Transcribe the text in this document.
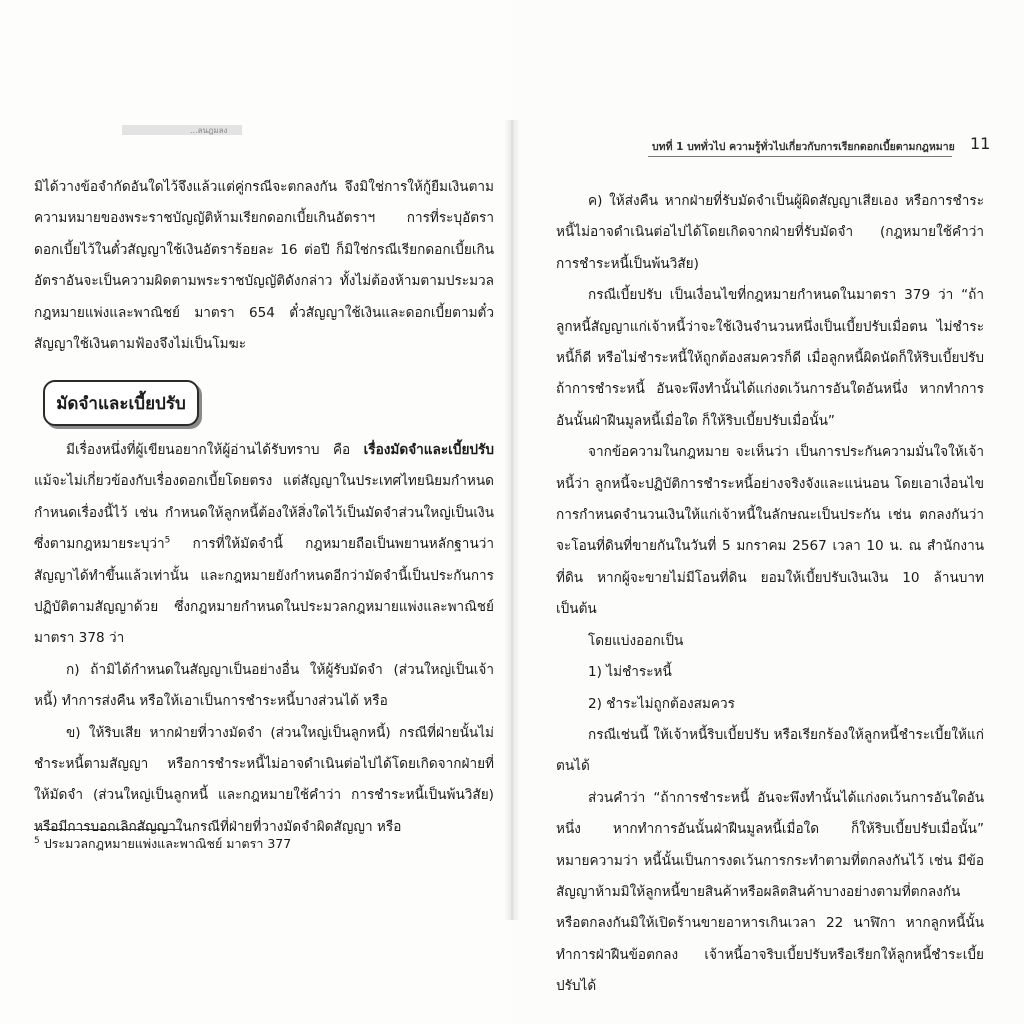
...ลนฎมลง

มิได้วางข้อจำกัดอันใดไว้จึงแล้วแต่คู่กรณีจะตกลงกัน จึงมิใช่การให้กู้ยืมเงินตามความหมายของพระราชบัญญัติห้ามเรียกดอกเบี้ยเกินอัตราฯ การที่ระบุอัตราดอกเบี้ยไว้ในตั๋วสัญญาใช้เงินอัตราร้อยละ 16 ต่อปี ก็มิใช่กรณีเรียกดอกเบี้ยเกินอัตราอันจะเป็นความผิดตามพระราชบัญญัติดังกล่าว ทั้งไม่ต้องห้ามตามประมวลกฎหมายแพ่งและพาณิชย์ มาตรา 654 ตั๋วสัญญาใช้เงินและดอกเบี้ยตามตั๋วสัญญาใช้เงินตามฟ้องจึงไม่เป็นโมฆะ

มัดจำและเบี้ยปรับ

มีเรื่องหนึ่งที่ผู้เขียนอยากให้ผู้อ่านได้รับทราบ คือ เรื่องมัดจำและเบี้ยปรับ แม้จะไม่เกี่ยวข้องกับเรื่องดอกเบี้ยโดยตรง แต่สัญญาในประเทศไทยนิยมกำหนดกำหนดเรื่องนี้ไว้ เช่น กำหนดให้ลูกหนี้ต้องให้สิ่งใดไว้เป็นมัดจำส่วนใหญ่เป็นเงิน ซึ่งตามกฎหมายระบุว่า$^5$ การที่ให้มัดจำนี้ กฎหมายถือเป็นพยานหลักฐานว่าสัญญาได้ทำขึ้นแล้วเท่านั้น และกฎหมายยังกำหนดอีกว่ามัดจำนี้เป็นประกันการปฏิบัติตามสัญญาด้วย ซึ่งกฎหมายกำหนดในประมวลกฎหมายแพ่งและพาณิชย์ มาตรา 378 ว่า

ก) ถ้ามิได้กำหนดในสัญญาเป็นอย่างอื่น ให้ผู้รับมัดจำ (ส่วนใหญ่เป็นเจ้าหนี้) ทำการส่งคืน หรือให้เอาเป็นการชำระหนี้บางส่วนได้ หรือ

ข) ให้ริบเสีย หากฝ่ายที่วางมัดจำ (ส่วนใหญ่เป็นลูกหนี้) กรณีที่ฝ่ายนั้นไม่ชำระหนี้ตามสัญญา หรือการชำระหนี้ไม่อาจดำเนินต่อไปได้โดยเกิดจากฝ่ายที่ให้มัดจำ (ส่วนใหญ่เป็นลูกหนี้ และกฎหมายใช้คำว่า การชำระหนี้เป็นพ้นวิสัย) หรือมีการบอกเลิกสัญญาในกรณีที่ฝ่ายที่วางมัดจำผิดสัญญา หรือ

$^5$ ประมวลกฎหมายแพ่งและพาณิชย์ มาตรา 377
บทที่ 1 บททั่วไป ความรู้ทั่วไปเกี่ยวกับการเรียกดอกเบี้ยตามกฎหมาย 11

ค) ให้ส่งคืน หากฝ่ายที่รับมัดจำเป็นผู้ผิดสัญญาเสียเอง หรือการชำระหนี้ไม่อาจดำเนินต่อไปได้โดยเกิดจากฝ่ายที่รับมัดจำ (กฎหมายใช้คำว่า การชำระหนี้เป็นพ้นวิสัย)

กรณีเบี้ยปรับ เป็นเงื่อนไขที่กฎหมายกำหนดในมาตรา 379 ว่า “ถ้าลูกหนี้สัญญาแก่เจ้าหนี้ว่าจะใช้เงินจำนวนหนึ่งเป็นเบี้ยปรับเมื่อตน ไม่ชำระหนี้ก็ดี หรือไม่ชำระหนี้ให้ถูกต้องสมควรก็ดี เมื่อลูกหนี้ผิดนัดก็ให้ริบเบี้ยปรับ ถ้าการชำระหนี้ อันจะพึงทำนั้นได้แก่งดเว้นการอันใดอันหนึ่ง หากทำการอันนั้นฝ่าฝืนมูลหนี้เมื่อใด ก็ให้ริบเบี้ยปรับเมื่อนั้น”

จากข้อความในกฎหมาย จะเห็นว่า เป็นการประกันความมั่นใจให้เจ้าหนี้ว่า ลูกหนี้จะปฏิบัติการชำระหนี้อย่างจริงจังและแน่นอน โดยเอาเงื่อนไขการกำหนดจำนวนเงินให้แก่เจ้าหนี้ในลักษณะเป็นประกัน เช่น ตกลงกันว่าจะโอนที่ดินที่ขายกันในวันที่ 5 มกราคม 2567 เวลา 10 น. ณ สำนักงานที่ดิน หากผู้จะขายไม่มีโอนที่ดิน ยอมให้เบี้ยปรับเงินเงิน 10 ล้านบาท เป็นต้น

โดยแบ่งออกเป็น

1) ไม่ชำระหนี้

2) ชำระไม่ถูกต้องสมควร

กรณีเช่นนี้ ให้เจ้าหนี้ริบเบี้ยปรับ หรือเรียกร้องให้ลูกหนี้ชำระเบี้ยให้แก่ตนได้

ส่วนคำว่า “ถ้าการชำระหนี้ อันจะพึงทำนั้นได้แก่งดเว้นการอันใดอันหนึ่ง หากทำการอันนั้นฝ่าฝืนมูลหนี้เมื่อใด ก็ให้ริบเบี้ยปรับเมื่อนั้น” หมายความว่า หนี้นั้นเป็นการงดเว้นการกระทำตามที่ตกลงกันไว้ เช่น มีข้อสัญญาห้ามมิให้ลูกหนี้ขายสินค้าหรือผลิตสินค้าบางอย่างตามที่ตกลงกัน หรือตกลงกันมิให้เปิดร้านขายอาหารเกินเวลา 22 นาฬิกา หากลูกหนี้นั้นทำการฝ่าฝืนข้อตกลง เจ้าหนี้อาจริบเบี้ยปรับหรือเรียกให้ลูกหนี้ชำระเบี้ยปรับได้
